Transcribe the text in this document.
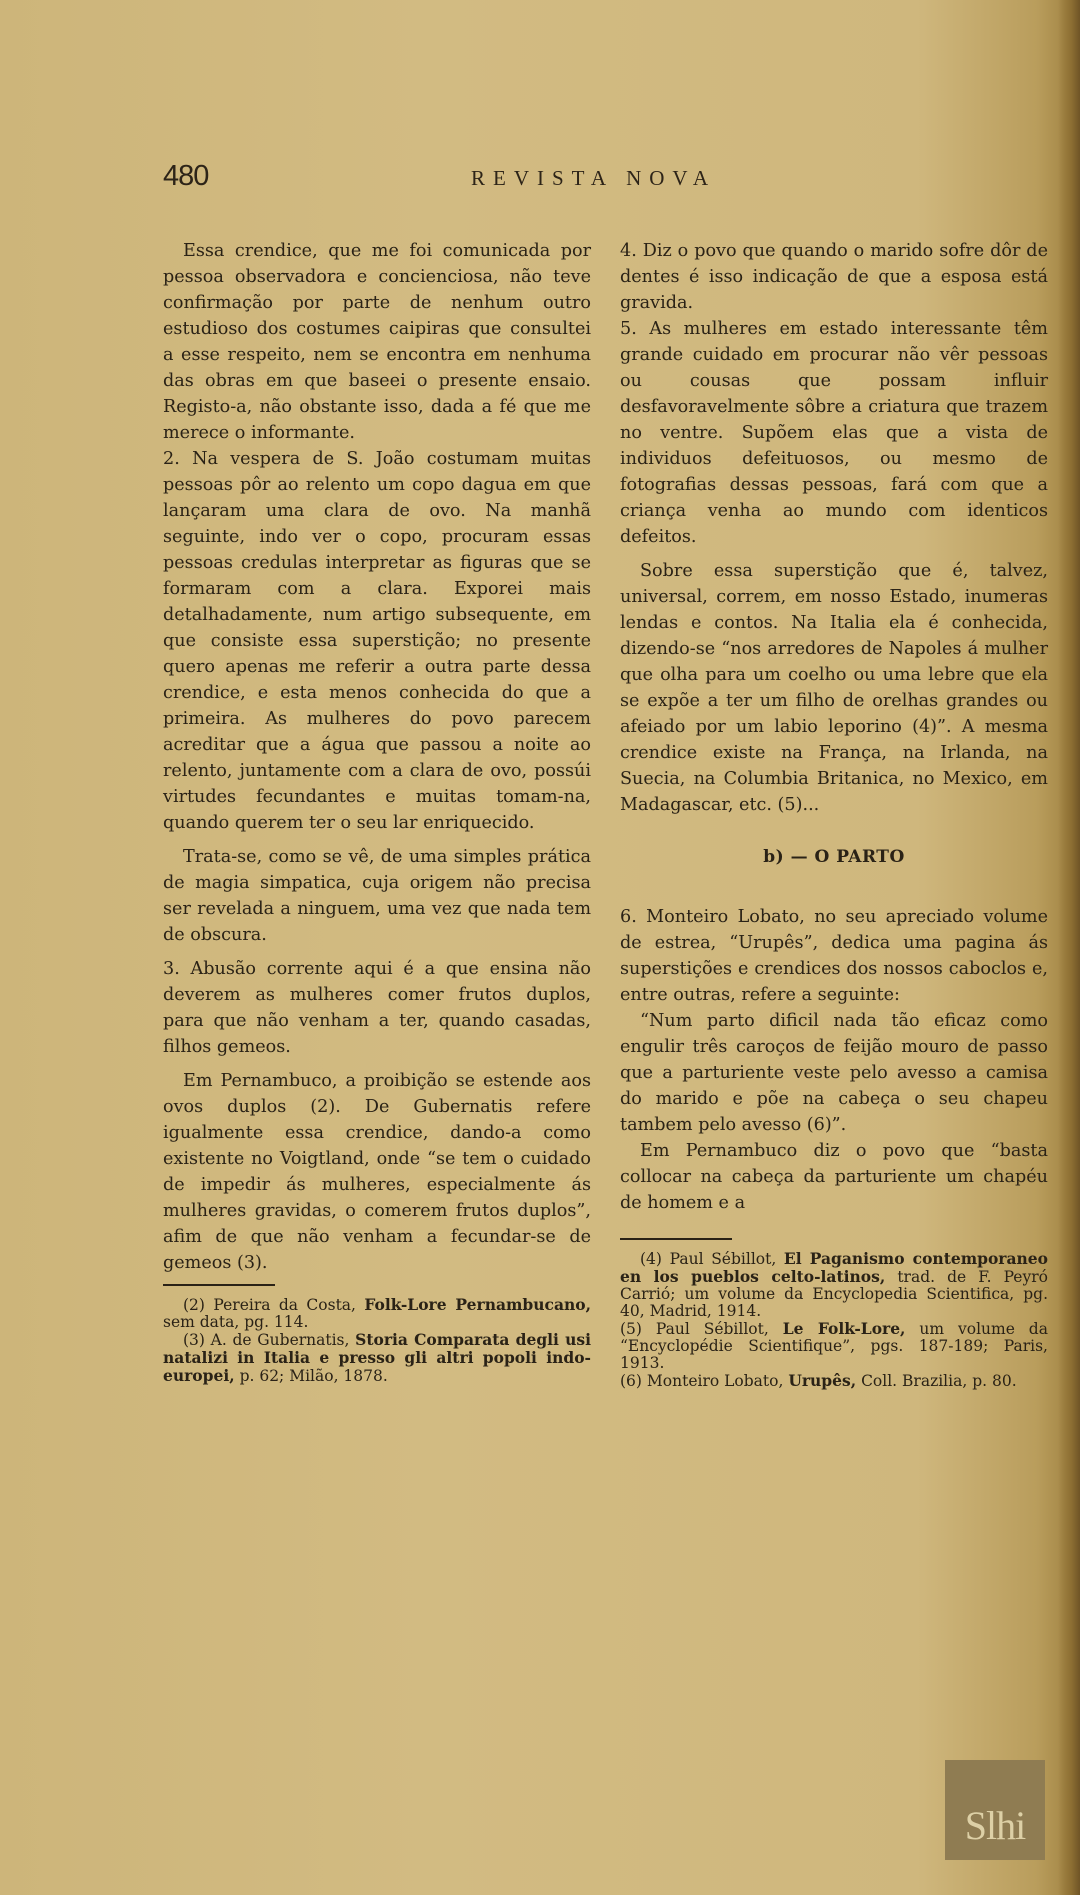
480	REVISTA NOVA

Essa crendice, que me foi comunicada por pessoa observadora e concienciosa, não teve confirmação por parte de nenhum outro estudioso dos costumes caipiras que consultei a esse respeito, nem se encontra em nenhuma das obras em que baseei o presente ensaio. Registo-a, não obstante isso, dada a fé que me merece o informante.

2. Na vespera de S. João costumam muitas pessoas pôr ao relento um copo dagua em que lançaram uma clara de ovo. Na manhã seguinte, indo ver o copo, procuram essas pessoas credulas interpretar as figuras que se formaram com a clara. Exporei mais detalhadamente, num artigo subsequente, em que consiste essa superstição; no presente quero apenas me referir a outra parte dessa crendice, e esta menos conhecida do que a primeira. As mulheres do povo parecem acreditar que a água que passou a noite ao relento, juntamente com a clara de ovo, possúi virtudes fecundantes e muitas tomam-na, quando querem ter o seu lar enriquecido.

Trata-se, como se vê, de uma simples prática de magia simpatica, cuja origem não precisa ser revelada a ninguem, uma vez que nada tem de obscura.

3. Abusão corrente aqui é a que ensina não deverem as mulheres comer frutos duplos, para que não venham a ter, quando casadas, filhos gemeos.

Em Pernambuco, a proibição se estende aos ovos duplos (2). De Gubernatis refere igualmente essa crendice, dando-a como existente no Voigtland, onde “se tem o cuidado de impedir ás mulheres, especialmente ás mulheres gravidas, o comerem frutos duplos”, afim de que não venham a fecundar-se de gemeos (3).

(2) Pereira da Costa, Folk-Lore Pernambucano, sem data, pg. 114.

(3) A. de Gubernatis, Storia Comparata degli usi natalizi in Italia e presso gli altri popoli indo-europei, p. 62; Milão, 1878.

4. Diz o povo que quando o marido sofre dôr de dentes é isso indicação de que a esposa está gravida.

5. As mulheres em estado interessante têm grande cuidado em procurar não vêr pessoas ou cousas que possam influir desfavoravelmente sôbre a criatura que trazem no ventre. Supõem elas que a vista de individuos defeituosos, ou mesmo de fotografias dessas pessoas, fará com que a criança venha ao mundo com identicos defeitos.

Sobre essa superstição que é, talvez, universal, correm, em nosso Estado, inumeras lendas e contos. Na Italia ela é conhecida, dizendo-se “nos arredores de Napoles á mulher que olha para um coelho ou uma lebre que ela se expõe a ter um filho de orelhas grandes ou afeiado por um labio leporino (4)”. A mesma crendice existe na França, na Irlanda, na Suecia, na Columbia Britanica, no Mexico, em Madagascar, etc. (5)...

b) — O PARTO

6. Monteiro Lobato, no seu apreciado volume de estrea, “Urupês”, dedica uma pagina ás superstições e crendices dos nossos caboclos e, entre outras, refere a seguinte:

“Num parto dificil nada tão eficaz como engulir três caroços de feijão mouro de passo que a parturiente veste pelo avesso a camisa do marido e põe na cabeça o seu chapeu tambem pelo avesso (6)”.

Em Pernambuco diz o povo que “basta collocar na cabeça da parturiente um chapéu de homem e a

(4) Paul Sébillot, El Paganismo contemporaneo en los pueblos celto-latinos, trad. de F. Peyró Carrió; um volume da Encyclopedia Scientifica, pg. 40, Madrid, 1914.

(5) Paul Sébillot, Le Folk-Lore, um volume da “Encyclopédie Scientifique”, pgs. 187-189; Paris, 1913.

(6) Monteiro Lobato, Urupês, Coll. Brazilia, p. 80.

Slhi
